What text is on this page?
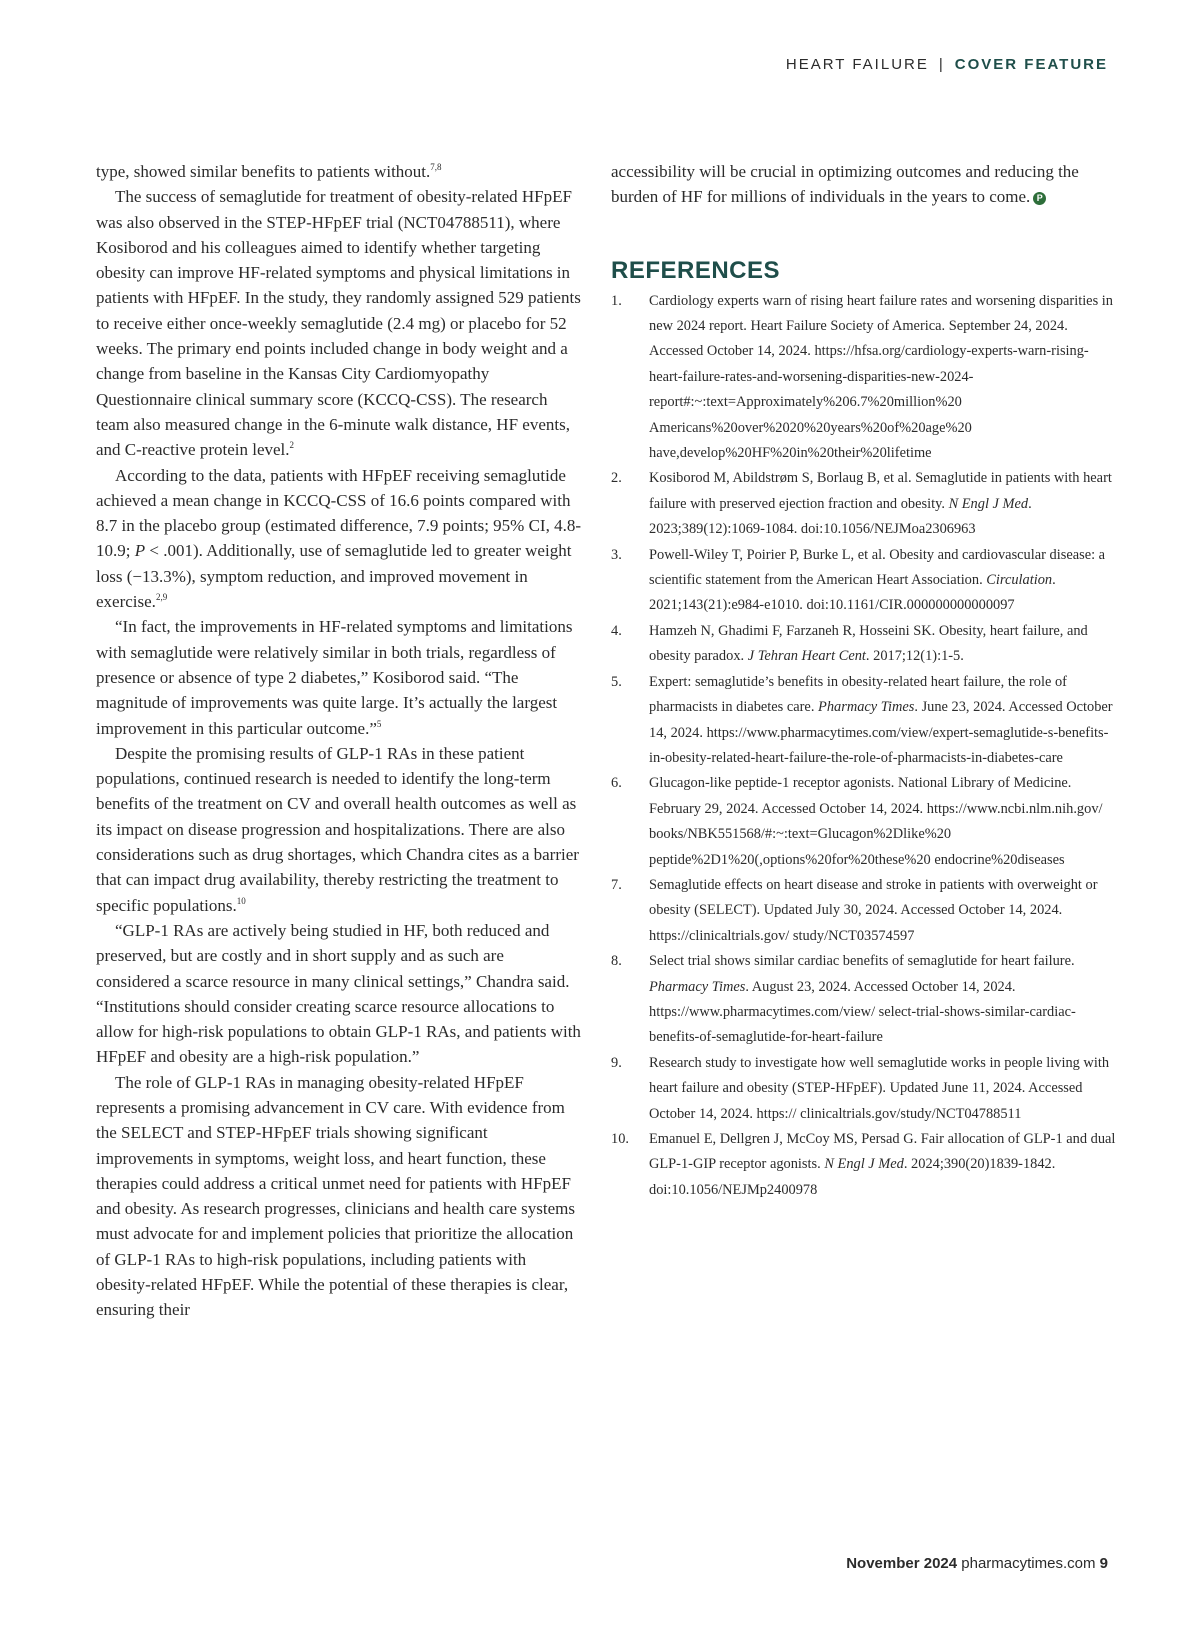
HEART FAILURE | COVER FEATURE

type, showed similar benefits to patients without.$^{7,8}$

The success of semaglutide for treatment of obesity-related HFpEF was also observed in the STEP-HFpEF trial (NCT04788511), where Kosiborod and his colleagues aimed to identify whether targeting obesity can improve HF-related symptoms and physical limitations in patients with HFpEF. In the study, they randomly assigned 529 patients to receive either once-weekly semaglutide (2.4 mg) or placebo for 52 weeks. The primary end points included change in body weight and a change from baseline in the Kansas City Cardiomyopathy Questionnaire clinical summary score (KCCQ-CSS). The research team also measured change in the 6-minute walk distance, HF events, and C-reactive protein level.$^2$

According to the data, patients with HFpEF receiving semaglutide achieved a mean change in KCCQ-CSS of 16.6 points compared with 8.7 in the placebo group (estimated difference, 7.9 points; 95% CI, 4.8-10.9; P < .001). Additionally, use of semaglutide led to greater weight loss (−13.3%), symptom reduction, and improved movement in exercise.$^{2,9}$

“In fact, the improvements in HF-related symptoms and limitations with semaglutide were relatively similar in both trials, regardless of presence or absence of type 2 diabetes,” Kosiborod said. “The magnitude of improvements was quite large. It’s actually the largest improvement in this particular outcome.”$^5$

Despite the promising results of GLP-1 RAs in these patient populations, continued research is needed to identify the long-term benefits of the treatment on CV and overall health outcomes as well as its impact on disease progression and hospitalizations. There are also considerations such as drug shortages, which Chandra cites as a barrier that can impact drug availability, thereby restricting the treatment to specific populations.$^{10}$

“GLP-1 RAs are actively being studied in HF, both reduced and preserved, but are costly and in short supply and as such are considered a scarce resource in many clinical settings,” Chandra said. “Institutions should consider creating scarce resource allocations to allow for high-risk populations to obtain GLP-1 RAs, and patients with HFpEF and obesity are a high-risk population.”

The role of GLP-1 RAs in managing obesity-related HFpEF represents a promising advancement in CV care. With evidence from the SELECT and STEP-HFpEF trials showing significant improvements in symptoms, weight loss, and heart function, these therapies could address a critical unmet need for patients with HFpEF and obesity. As research progresses, clinicians and health care systems must advocate for and implement policies that prioritize the allocation of GLP-1 RAs to high-risk populations, including patients with obesity-related HFpEF. While the potential of these therapies is clear, ensuring their

accessibility will be crucial in optimizing outcomes and reducing the burden of HF for millions of individuals in the years to come. P

REFERENCES
1. Cardiology experts warn of rising heart failure rates and worsening disparities in new 2024 report. Heart Failure Society of America. September 24, 2024. Accessed October 14, 2024. https://hfsa.org/cardiology-experts-warn-rising-heart-failure-rates-and-worsening-disparities-new-2024-report#:~:text=Approximately%206.7%20million%20 Americans%20over%2020%20years%20of%20age%20 have,develop%20HF%20in%20their%20lifetime
2. Kosiborod M, Abildstrøm S, Borlaug B, et al. Semaglutide in patients with heart failure with preserved ejection fraction and obesity. N Engl J Med. 2023;389(12):1069-1084. doi:10.1056/NEJMoa2306963
3. Powell-Wiley T, Poirier P, Burke L, et al. Obesity and cardiovascular disease: a scientific statement from the American Heart Association. Circulation. 2021;143(21):e984-e1010. doi:10.1161/CIR.000000000000097
4. Hamzeh N, Ghadimi F, Farzaneh R, Hosseini SK. Obesity, heart failure, and obesity paradox. J Tehran Heart Cent. 2017;12(1):1-5.
5. Expert: semaglutide’s benefits in obesity-related heart failure, the role of pharmacists in diabetes care. Pharmacy Times. June 23, 2024. Accessed October 14, 2024. https://www.pharmacytimes.com/view/expert-semaglutide-s-benefits-in-obesity-related-heart-failure-the-role-of-pharmacists-in-diabetes-care
6. Glucagon-like peptide-1 receptor agonists. National Library of Medicine. February 29, 2024. Accessed October 14, 2024. https://www.ncbi.nlm.nih.gov/ books/NBK551568/#:~:text=Glucagon%2Dlike%20 peptide%2D1%20(,options%20for%20these%20 endocrine%20diseases
7. Semaglutide effects on heart disease and stroke in patients with overweight or obesity (SELECT). Updated July 30, 2024. Accessed October 14, 2024. https://clinicaltrials.gov/ study/NCT03574597
8. Select trial shows similar cardiac benefits of semaglutide for heart failure. Pharmacy Times. August 23, 2024. Accessed October 14, 2024. https://www.pharmacytimes.com/view/ select-trial-shows-similar-cardiac-benefits-of-semaglutide-for-heart-failure
9. Research study to investigate how well semaglutide works in people living with heart failure and obesity (STEP-HFpEF). Updated June 11, 2024. Accessed October 14, 2024. https:// clinicaltrials.gov/study/NCT04788511
10. Emanuel E, Dellgren J, McCoy MS, Persad G. Fair allocation of GLP-1 and dual GLP-1-GIP receptor agonists. N Engl J Med. 2024;390(20)1839-1842. doi:10.1056/NEJMp2400978
November 2024 pharmacytimes.com 9
